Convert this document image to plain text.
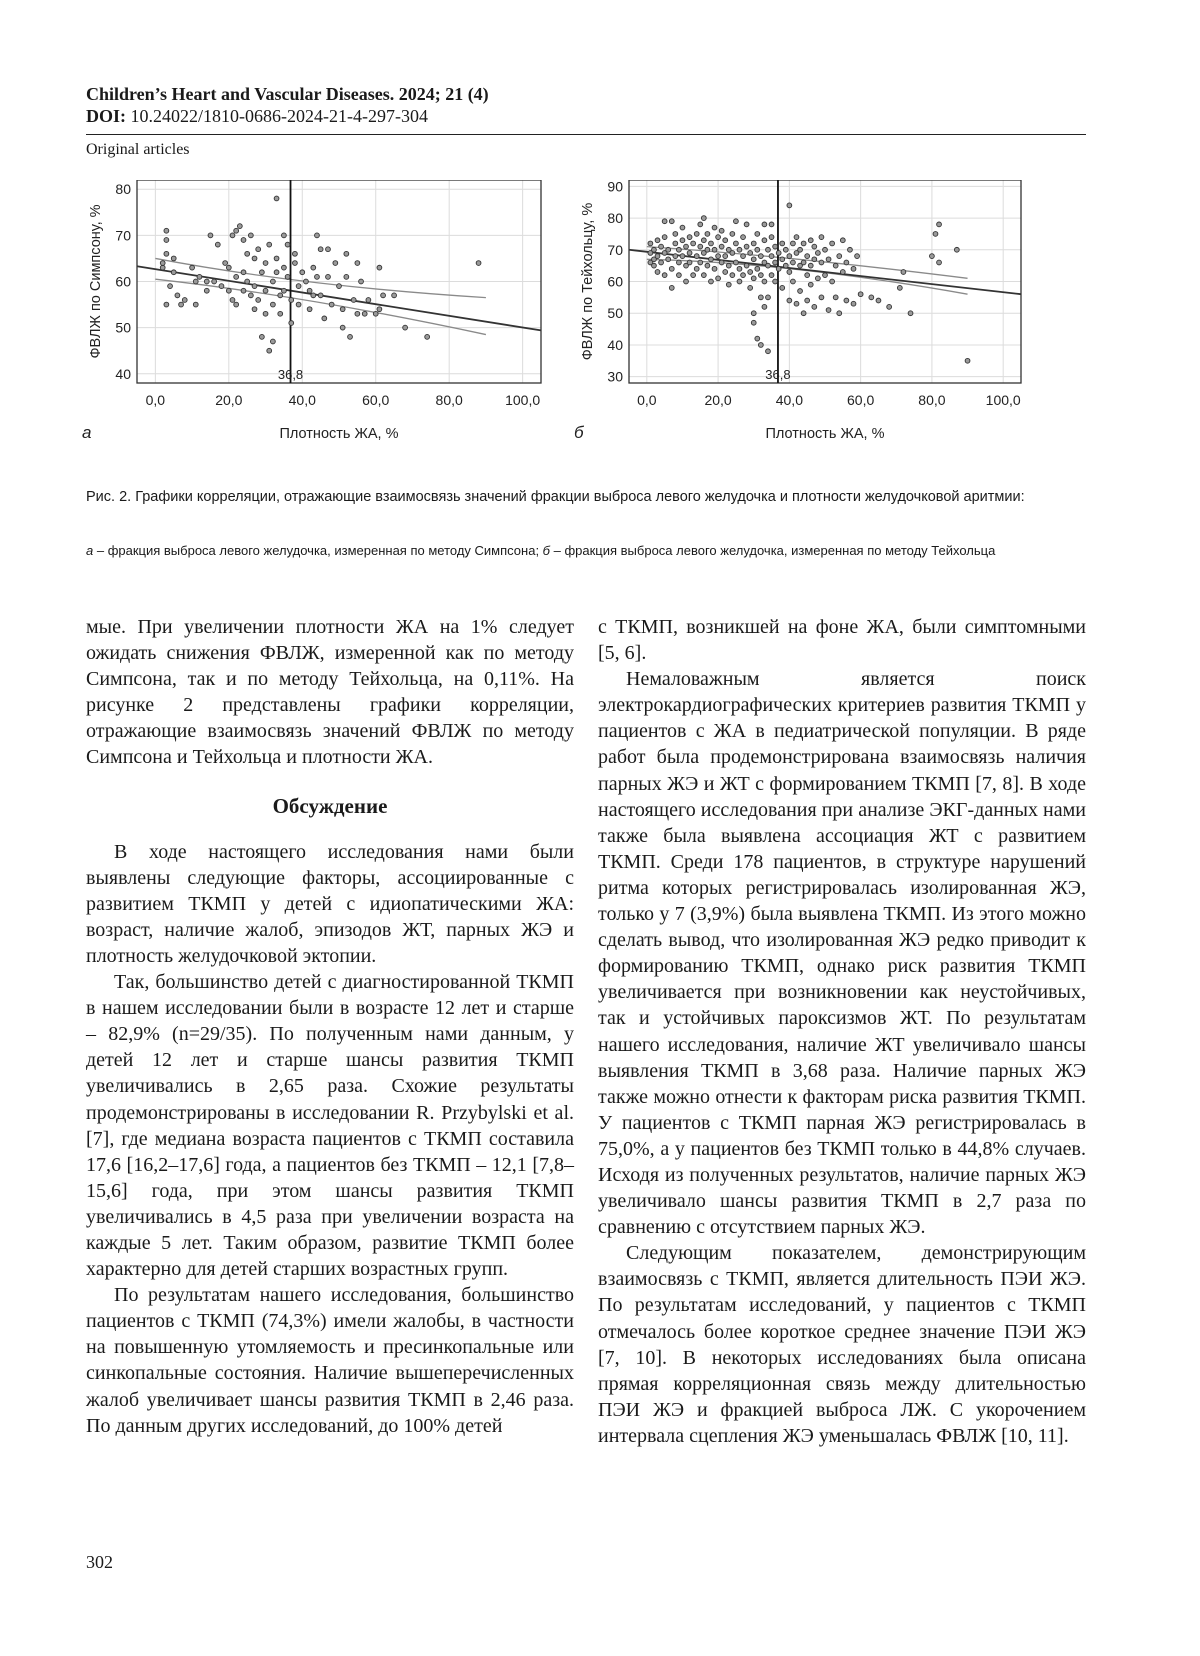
Children’s Heart and Vascular Diseases. 2024; 21 (4)
DOI: 10.24022/1810-0686-2024-21-4-297-304
Original articles
0,0	20,0	40,0	60,0	80,0	100,0
40
50
60
70
80
36,8
Плотность ЖА, %
ФВЛЖ по Симпсону, %
а
0,0	20,0	40,0	60,0	80,0	100,0
30
40
50
60
70
80
90
36,8
Плотность ЖА, %
ФВЛЖ по Тейхольцу, %
б
Рис. 2. Графики корреляции, отражающие взаимосвязь значений фракции выброса левого желудочка и плотности желудочковой аритмии:
а – фракция выброса левого желудочка, измеренная по методу Симпсона; б – фракция выброса левого желудочка, измеренная по методу Тейхольца

мые. При увеличении плотности ЖА на 1% следует ожидать снижения ФВЛЖ, измеренной как по методу Симпсона, так и по методу Тейхольца, на 0,11%. На рисунке 2 представлены графики корреляции, отражающие взаимосвязь значений ФВЛЖ по методу Симпсона и Тейхольца и плотности ЖА.

Обсуждение

В ходе настоящего исследования нами были выявлены следующие факторы, ассоциированные с развитием ТКМП у детей с идиопатическими ЖА: возраст, наличие жалоб, эпизодов ЖТ, парных ЖЭ и плотность желудочковой эктопии.

Так, большинство детей с диагностированной ТКМП в нашем исследовании были в возрасте 12 лет и старше – 82,9% (n=29/35). По полученным нами данным, у детей 12 лет и старше шансы развития ТКМП увеличивались в 2,65 раза. Схожие результаты продемонстрированы в исследовании R. Przybylski et al. [7], где медиана возраста пациентов с ТКМП составила 17,6 [16,2–17,6] года, а пациентов без ТКМП – 12,1 [7,8–15,6] года, при этом шансы развития ТКМП увеличивались в 4,5 раза при увеличении возраста на каждые 5 лет. Таким образом, развитие ТКМП более характерно для детей старших возрастных групп.

По результатам нашего исследования, большинство пациентов с ТКМП (74,3%) имели жалобы, в частности на повышенную утомляемость и пресинкопальные или синкопальные состояния. Наличие вышеперечисленных жалоб увеличивает шансы развития ТКМП в 2,46 раза. По данным других исследований, до 100% детей

с ТКМП, возникшей на фоне ЖА, были симптомными [5, 6].

Немаловажным является поиск электрокардиографических критериев развития ТКМП у пациентов с ЖА в педиатрической популяции. В ряде работ была продемонстрирована взаимосвязь наличия парных ЖЭ и ЖТ с формированием ТКМП [7, 8]. В ходе настоящего исследования при анализе ЭКГ-данных нами также была выявлена ассоциация ЖТ с развитием ТКМП. Среди 178 пациентов, в структуре нарушений ритма которых регистрировалась изолированная ЖЭ, только у 7 (3,9%) была выявлена ТКМП. Из этого можно сделать вывод, что изолированная ЖЭ редко приводит к формированию ТКМП, однако риск развития ТКМП увеличивается при возникновении как неустойчивых, так и устойчивых пароксизмов ЖТ. По результатам нашего исследования, наличие ЖТ увеличивало шансы выявления ТКМП в 3,68 раза. Наличие парных ЖЭ также можно отнести к факторам риска развития ТКМП. У пациентов с ТКМП парная ЖЭ регистрировалась в 75,0%, а у пациентов без ТКМП только в 44,8% случаев. Исходя из полученных результатов, наличие парных ЖЭ увеличивало шансы развития ТКМП в 2,7 раза по сравнению с отсутствием парных ЖЭ.

Следующим показателем, демонстрирующим взаимосвязь с ТКМП, является длительность ПЭИ ЖЭ. По результатам исследований, у пациентов с ТКМП отмечалось более короткое среднее значение ПЭИ ЖЭ [7, 10]. В некоторых исследованиях была описана прямая корреляционная связь между длительностью ПЭИ ЖЭ и фракцией выброса ЛЖ. С укорочением интервала сцепления ЖЭ уменьшалась ФВЛЖ [10, 11].

302
